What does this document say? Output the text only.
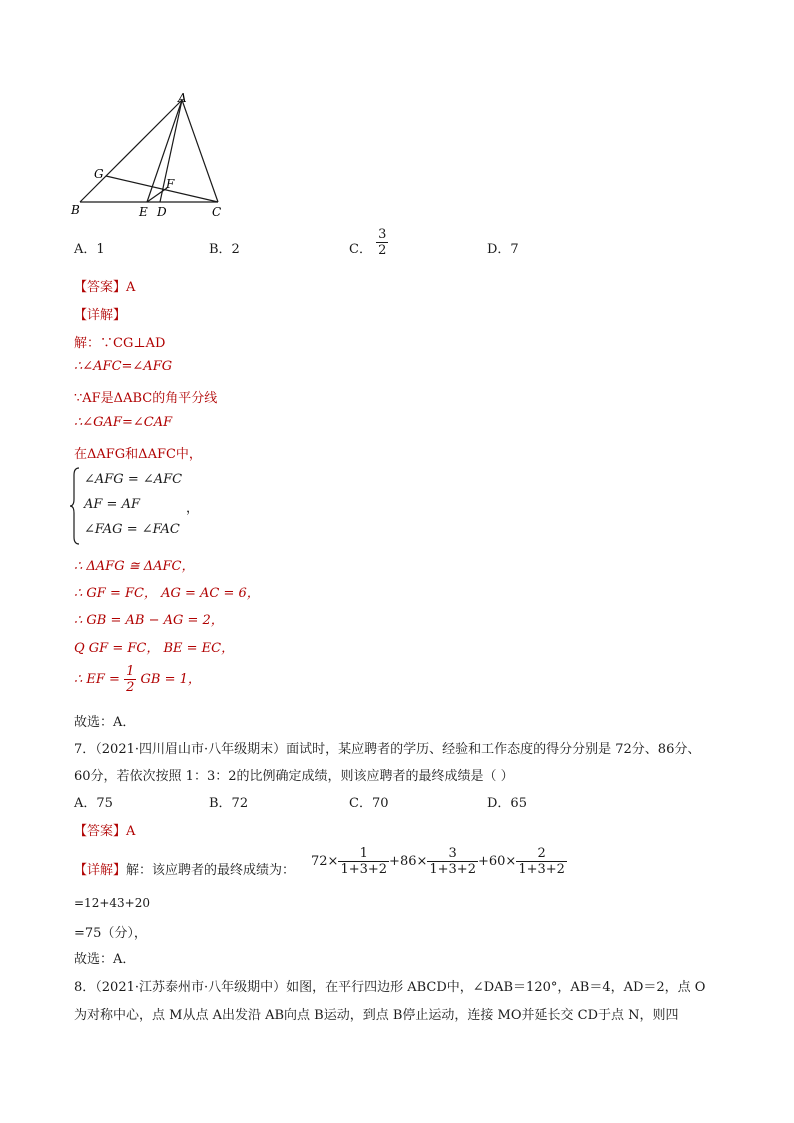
A
B	C
D
E
F
G
A．1	B．2	C． $\frac{3}{2}$	D．7
【答案】A
【详解】
解：∵CG⊥AD
∴∠AFC=∠AFG
∵AF是ΔABC的角平分线
∴∠GAF=∠CAF
在ΔAFG和ΔAFC中，
∠AFG = ∠AFC
AF = AF
∠FAG = ∠FAC
，
∴ ΔAFG ≅ ΔAFC，
∴ GF = FC， AG = AC = 6，
∴ GB = AB − AG = 2，
Q GF = FC， BE = EC，
∴ EF = $\frac{1}{2}$ GB = 1，
故选：A．
7．（2021·四川眉山市·八年级期末）面试时，某应聘者的学历、经验和工作态度的得分分别是 72分、86分、
60分，若依次按照 1：3：2的比例确定成绩，则该应聘者的最终成绩是（ ）
A．75	B．72	C．70	D．65
【答案】A
【详解】解：该应聘者的最终成绩为：
$72\times \frac{1}{1+3+2} +86\times \frac{3}{1+3+2} +60\times \frac{2}{1+3+2}$
=12+43+20
=75（分），
故选：A．
8．（2021·江苏泰州市·八年级期中）如图，在平行四边形 ABCD中，∠DAB＝120°，AB＝4，AD＝2，点 O
为对称中心，点 M从点 A出发沿 AB向点 B运动，到点 B停止运动，连接 MO并延长交 CD于点 N，则四
